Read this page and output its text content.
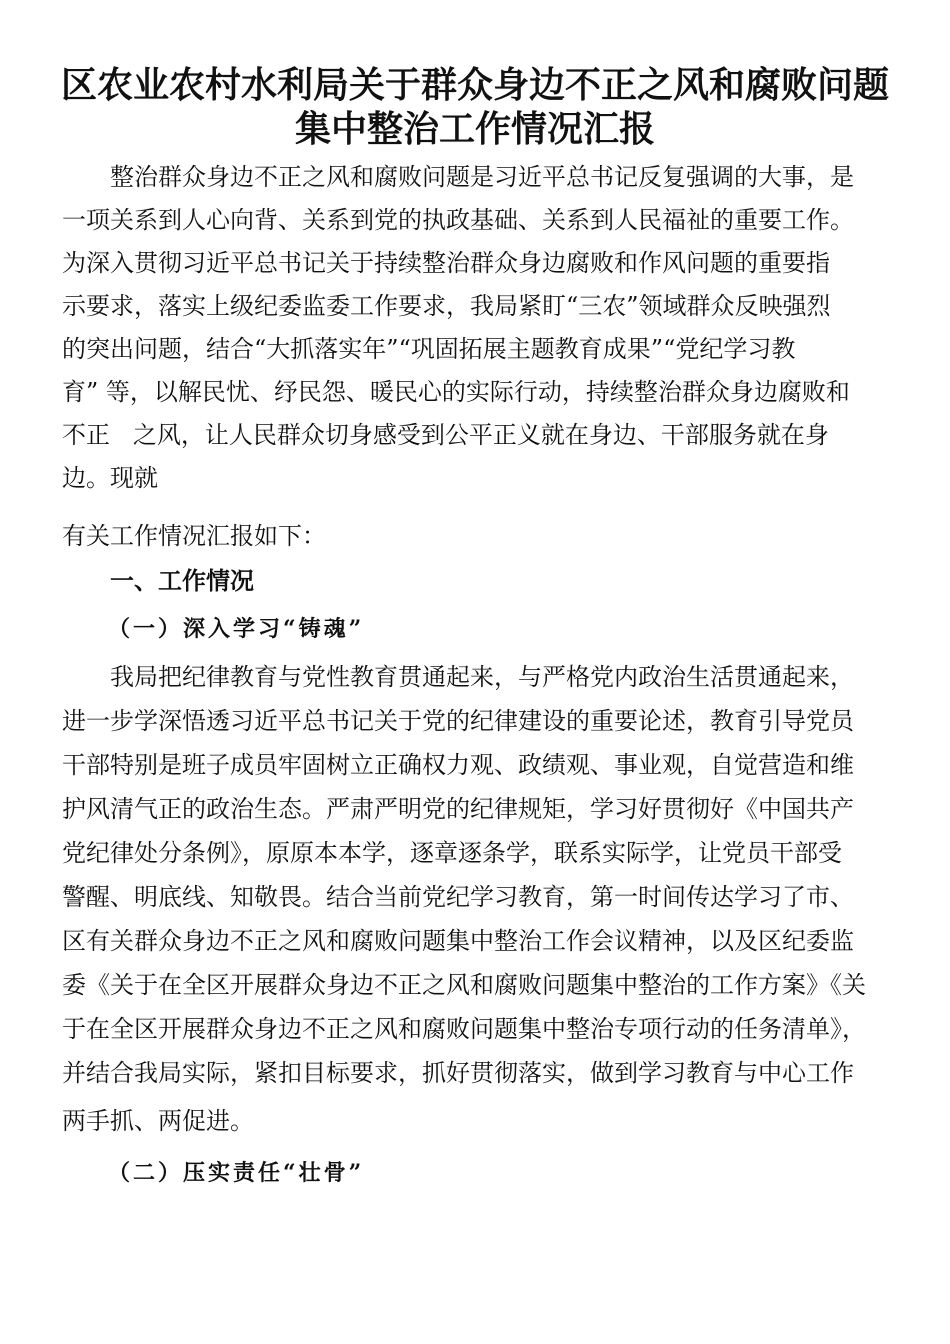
区农业农村水利局关于群众身边不正之风和腐败问题
集中整治工作情况汇报
整治群众身边不正之风和腐败问题是习近平总书记反复强调的大事，是
一项关系到人心向背、关系到党的执政基础、关系到人民福祉的重要工作。
为深入贯彻习近平总书记关于持续整治群众身边腐败和作风问题的重要指
示要求，落实上级纪委监委工作要求，我局紧盯“三农”领域群众反映强烈
的突出问题，结合“大抓落实年”“巩固拓展主题教育成果”“党纪学习教
育” 等，以解民忧、纾民怨、暖民心的实际行动，持续整治群众身边腐败和
不正   之风，让人民群众切身感受到公平正义就在身边、干部服务就在身
边。现就
有关工作情况汇报如下：
一、工作情况
（一）深入学习“铸魂”
我局把纪律教育与党性教育贯通起来，与严格党内政治生活贯通起来，
进一步学深悟透习近平总书记关于党的纪律建设的重要论述，教育引导党员
干部特别是班子成员牢固树立正确权力观、政绩观、事业观，自觉营造和维
护风清气正的政治生态。严肃严明党的纪律规矩，学习好贯彻好《中国共产
党纪律处分条例》，原原本本学，逐章逐条学，联系实际学，让党员干部受
警醒、明底线、知敬畏。结合当前党纪学习教育，第一时间传达学习了市、
区有关群众身边不正之风和腐败问题集中整治工作会议精神，以及区纪委监
委《关于在全区开展群众身边不正之风和腐败问题集中整治的工作方案》《关
于在全区开展群众身边不正之风和腐败问题集中整治专项行动的任务清单》，
并结合我局实际，紧扣目标要求，抓好贯彻落实，做到学习教育与中心工作
两手抓、两促进。
（二）压实责任“壮骨”
